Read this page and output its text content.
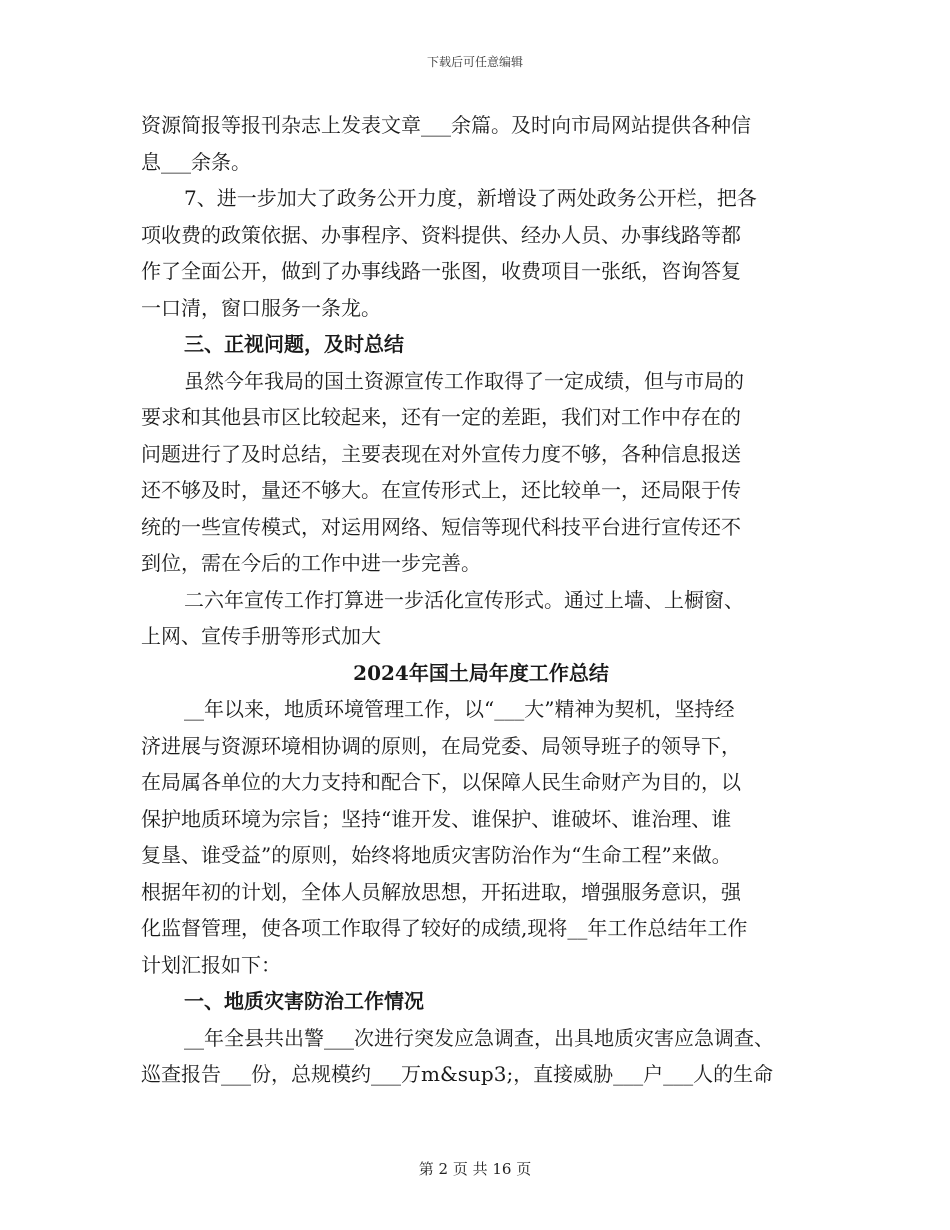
下载后可任意编辑
资源简报等报刊杂志上发表文章___余篇。及时向市局网站提供各种信
息___余条。
7、进一步加大了政务公开力度，新增设了两处政务公开栏，把各
项收费的政策依据、办事程序、资料提供、经办人员、办事线路等都
作了全面公开，做到了办事线路一张图，收费项目一张纸，咨询答复
一口清，窗口服务一条龙。
三、正视问题，及时总结
虽然今年我局的国土资源宣传工作取得了一定成绩，但与市局的
要求和其他县市区比较起来，还有一定的差距，我们对工作中存在的
问题进行了及时总结，主要表现在对外宣传力度不够，各种信息报送
还不够及时，量还不够大。在宣传形式上，还比较单一，还局限于传
统的一些宣传模式，对运用网络、短信等现代科技平台进行宣传还不
到位，需在今后的工作中进一步完善。
二六年宣传工作打算进一步活化宣传形式。通过上墙、上橱窗、
上网、宣传手册等形式加大
2024年国土局年度工作总结
__年以来，地质环境管理工作，以“___大”精神为契机，坚持经
济进展与资源环境相协调的原则，在局党委、局领导班子的领导下，
在局属各单位的大力支持和配合下，以保障人民生命财产为目的，以
保护地质环境为宗旨；坚持“谁开发、谁保护、谁破坏、谁治理、谁
复垦、谁受益”的原则，始终将地质灾害防治作为“生命工程”来做。
根据年初的计划，全体人员解放思想，开拓进取，增强服务意识，强
化监督管理，使各项工作取得了较好的成绩,现将__年工作总结年工作
计划汇报如下：
一、地质灾害防治工作情况
__年全县共出警___次进行突发应急调查，出具地质灾害应急调查、
巡查报告___份，总规模约___万m&sup3;，直接威胁___户___人的生命
第 2 页 共 16 页
